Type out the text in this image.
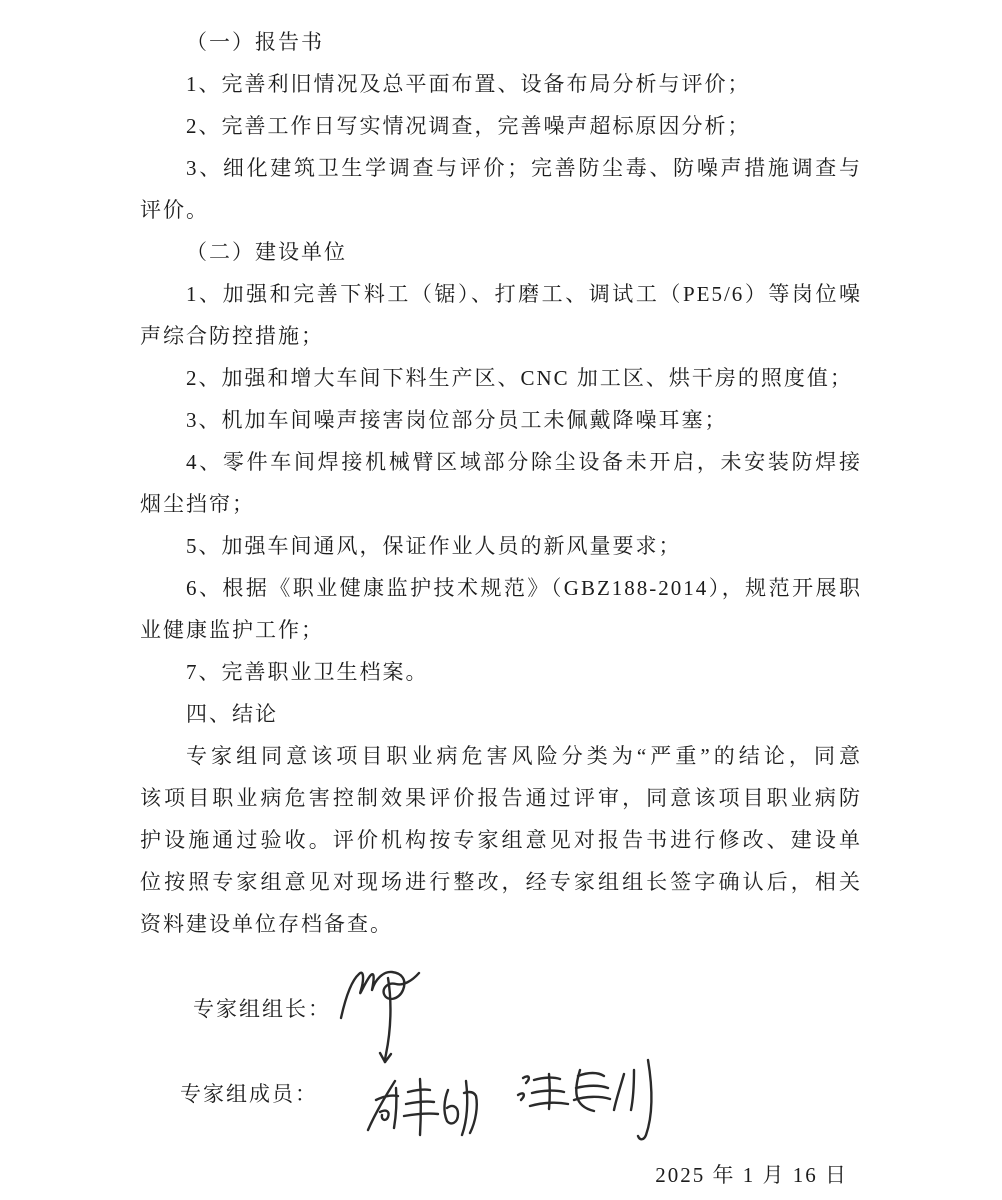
（一）报告书
1、完善利旧情况及总平面布置、设备布局分析与评价；
2、完善工作日写实情况调查，完善噪声超标原因分析；
3、细化建筑卫生学调查与评价；完善防尘毒、防噪声措施调查与
评价。
（二）建设单位
1、加强和完善下料工（锯）、打磨工、调试工（PE5/6）等岗位噪
声综合防控措施；
2、加强和增大车间下料生产区、CNC 加工区、烘干房的照度值；
3、机加车间噪声接害岗位部分员工未佩戴降噪耳塞；
4、零件车间焊接机械臂区域部分除尘设备未开启，未安装防焊接
烟尘挡帘；
5、加强车间通风，保证作业人员的新风量要求；
6、根据《职业健康监护技术规范》（GBZ188-2014），规范开展职
业健康监护工作；
7、完善职业卫生档案。
四、结论
专家组同意该项目职业病危害风险分类为“严重”的结论，同意
该项目职业病危害控制效果评价报告通过评审，同意该项目职业病防
护设施通过验收。评价机构按专家组意见对报告书进行修改、建设单
位按照专家组意见对现场进行整改，经专家组组长签字确认后，相关
资料建设单位存档备查。
专家组组长：
专家组成员：
2025 年 1 月 16 日
